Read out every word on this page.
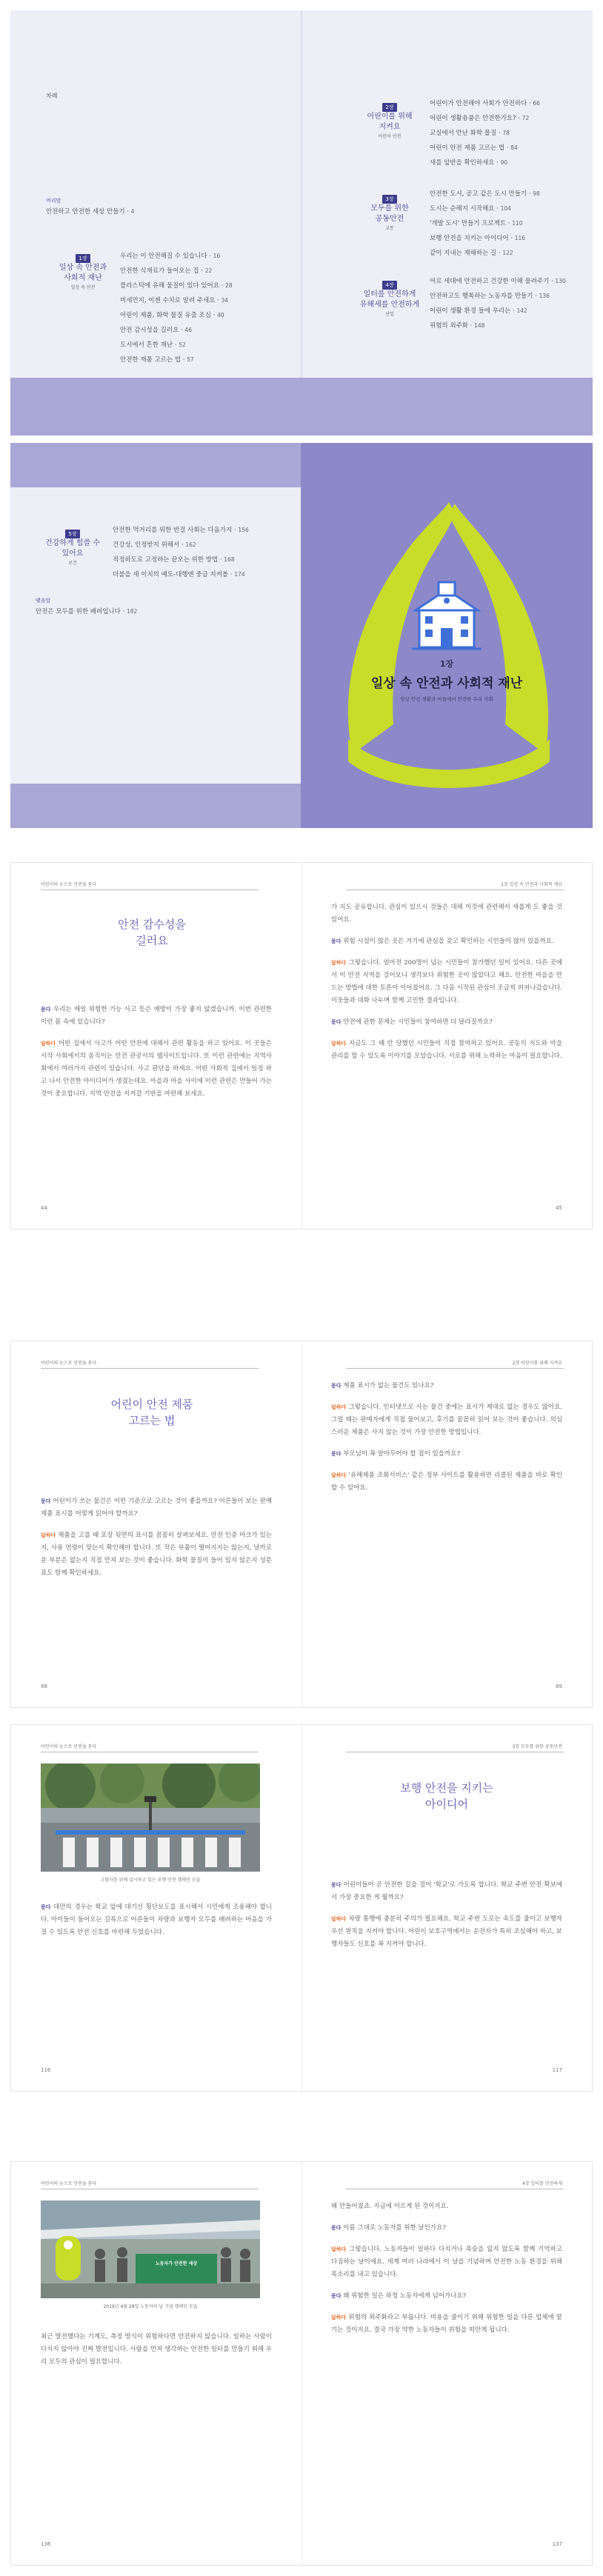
차례
머리말
안전하고 안전한 세상 만들기 · 4
1장
일상 속 안전과
사회적 재난
일상 속 안전
우리는 이 안전해질 수 있습니다 · 16
안전한 식재료가 들어오는 집 · 22
플라스틱에 유해 물질이 있다 있어요 · 28
미세먼지, 이젠 수치로 알려 주세요 · 34
어린이 제품, 화학 물질 유출 조심 · 40
안전 감시성을 길러요 · 46
도시에서 흔한 재난 · 52
안전한 재품 고르는 법 · 57
2장
어린이를 위해
지켜요
어린이 안전
어린이가 안전해야 사회가 안전하다 · 66
어린이 생활용품은 안전한가요? · 72
교실에서 만난 화학 물질 · 78
어린이 안전 제품 고르는 법 · 84
새를 앞반을 확인하세요 · 90
3장
모두를 위한
공동안전
교통
안전한 도시, 공고 같은 도시 만들기 · 98
도시는 순해지 시작해요 · 104
'개발 도시' 만들기 프로젝트 · 110
보행 안전을 지키는 아이디어 · 116
같이 지내는 재해하는 길 · 122
4장
일터를 안전하게
유해세를 안전하게
산업
어로 세대에 안전하고 건강한 이해 물려주기 · 130
안전하고도 행복하는 노동자를 만들기 · 136
어린이 생활 환경 들에 우리는 · 142
위험의 외주화 · 148
5장
건강하게 힘쓸 수
있어요
보건
안전한 먹거리를 위한 반걸 사회는 다음가지 · 156
건강성, 인정받지 위해서 · 162
적정하도로 고정하는 끝오는 위한 방법 · 168
더불을 세 이치의 예도-대행엔 중급 지켜볼 · 174
맺음말
안전은 모두를 위한 배려입니다 · 182
1장
일상 속 안전과 사회적 재난
일상 안전 생활과 마을에서 안전한 우리 사회
어린이의 눈으로 안전을 묻다	1장 일상 속 안전과 사회적 재난
안전 감수성을
길러요

묻다 우리는 매일 위험한 가능 사고 등은 예방이 가장 좋지 않겠습니까. 이번 관련한 이런 몸 속에 있습니다?

답하다 어떤 집에서 사고가 어떤 안전에 대해서 관련 활동을 하고 있어요. 이 곳들은 시작 사회에서의 움직이는 안전 관공서의 웹사이트입니다. 또 이런 관련에는 지역사회에서 여러가지 관련이 있습니다. 사고 판단을 하세요. 어떤 사회적 집에서 일정 하고 나서 안전한 아이디어가 생겼는데요. 마을과 마을 사이에 이런 관련은 만들어 가는 것이 중요합니다. 지역 안전을 지켜갈 기반을 마련해 보세요.

가 지도 공유합니다. 관심이 있으시 것들은 대해 이것에 관련해서 새롭게 도 좋을 것 있어요.

묻다 위험 시설이 많은 곳은 거기에 관심을 갖고 확인하는 시민들이 많이 있을까요.

답하다 그렇습니다. 얼마전 200명이 넘는 시민들이 참가했던 일이 있어요. 다른 곳에서 이 안전 지역을 걸어보니 생각보다 위험한 곳이 많았다고 해요. 안전한 마을을 만드는 방법에 대한 토론이 이어졌어요. 그 다음 시작된 관심이 조금씩 퍼져나갔습니다. 이웃들과 대화 나누며 함께 고민한 결과입니다.

묻다 안전에 관한 문제는 시민들이 참여하면 더 달라질까요?

답하다 지금도 그 때 안 당했던 시민들이 직접 참여하고 있어요. 공동의 지도와 마을 관리를 할 수 있도록 이야기를 모았습니다. 서로를 위해 노력하는 마음이 필요합니다.

44	45
어린이의 눈으로 안전을 묻다	2장 어린이를 위해 지켜요
어린이 안전 제품
고르는 법

묻다 어린이가 쓰는 물건은 어떤 기준으로 고르는 것이 좋을까요? 어른들이 보는 판매 제품 표시를 어떻게 읽어야 할까요?

답하다 제품을 고를 때 포장 뒷면의 표시를 꼼꼼히 살펴보세요. 안전 인증 마크가 있는지, 사용 연령이 맞는지 확인해야 합니다. 또 작은 부품이 떨어지지는 않는지, 날카로운 부분은 없는지 직접 만져 보는 것이 좋습니다. 화학 물질이 들어 있지 않은지 성분표도 함께 확인하세요.

묻다 제품 표시가 없는 물건도 있나요?

답하다 그렇습니다. 인터넷으로 사는 물건 중에는 표시가 제대로 없는 경우도 많아요. 그럴 때는 판매자에게 직접 물어보고, 후기를 꼼꼼히 읽어 보는 것이 좋습니다. 의심스러운 제품은 사지 않는 것이 가장 안전한 방법입니다.

묻다 부모님이 꼭 알아두어야 할 점이 있을까요?

답하다 '유해제품 조회서비스' 같은 정부 사이트를 활용하면 리콜된 제품을 바로 확인할 수 있어요.

88	89
어린이의 눈으로 안전을 묻다	3장 모두를 위한 공동안전
고령자를 위해 실시하고 있는 보행 안전 캠페인 모습

묻다 대만의 경우는 학교 앞에 대기선 횡단보도를 표시해서 시민에게 조용해야 합니다. 아이들이 들어오는 길목으로 어른들이 차량과 보행자 모두를 배려하는 마음을 가질 수 있도록 안전 신호를 마련해 두었습니다.

보행 안전을 지키는
아이디어

묻다 어린이들이 곧 안전한 길을 걸어 '학교'로 가도록 합니다. 학교 주변 안전 확보에서 가장 중요한 게 뭘까요?

답하다 차량 통행에 충분히 주의가 필요해요. 학교 주변 도로는 속도를 줄이고 보행자 우선 원칙을 지켜야 합니다. 어린이 보호구역에서는 운전자가 특히 조심해야 하고, 보행자들도 신호를 꼭 지켜야 합니다.

116	117
어린이의 눈으로 안전을 묻다	4장 일터를 안전하게
노동자가 안전한 세상
2019년 4월 28일 노동자의 날 기념 캠페인 모습

최근 발전했다는 기계도, 측정 방식이 위험하다면 안전하지 않습니다. 일하는 사람이 다치지 않아야 진짜 발전입니다. 사람을 먼저 생각하는 안전한 일터를 만들기 위해 우리 모두의 관심이 필요합니다.

왜 만들어졌죠. 지금에 이르게 된 것이지요.

묻다 이름 그대로 노동자를 위한 날인가요?

답하다 그렇습니다. 노동자들이 일하다 다치거나 목숨을 잃지 않도록 함께 기억하고 다짐하는 날이에요. 세계 여러 나라에서 이 날을 기념하며 안전한 노동 환경을 위해 목소리를 내고 있습니다.

묻다 왜 위험한 일은 하청 노동자에게 넘어가나요?

답하다 위험의 외주화라고 부릅니다. 비용을 줄이기 위해 위험한 일을 다른 업체에 맡기는 것이지요. 결국 가장 약한 노동자들이 위험을 떠안게 됩니다.

136	137
